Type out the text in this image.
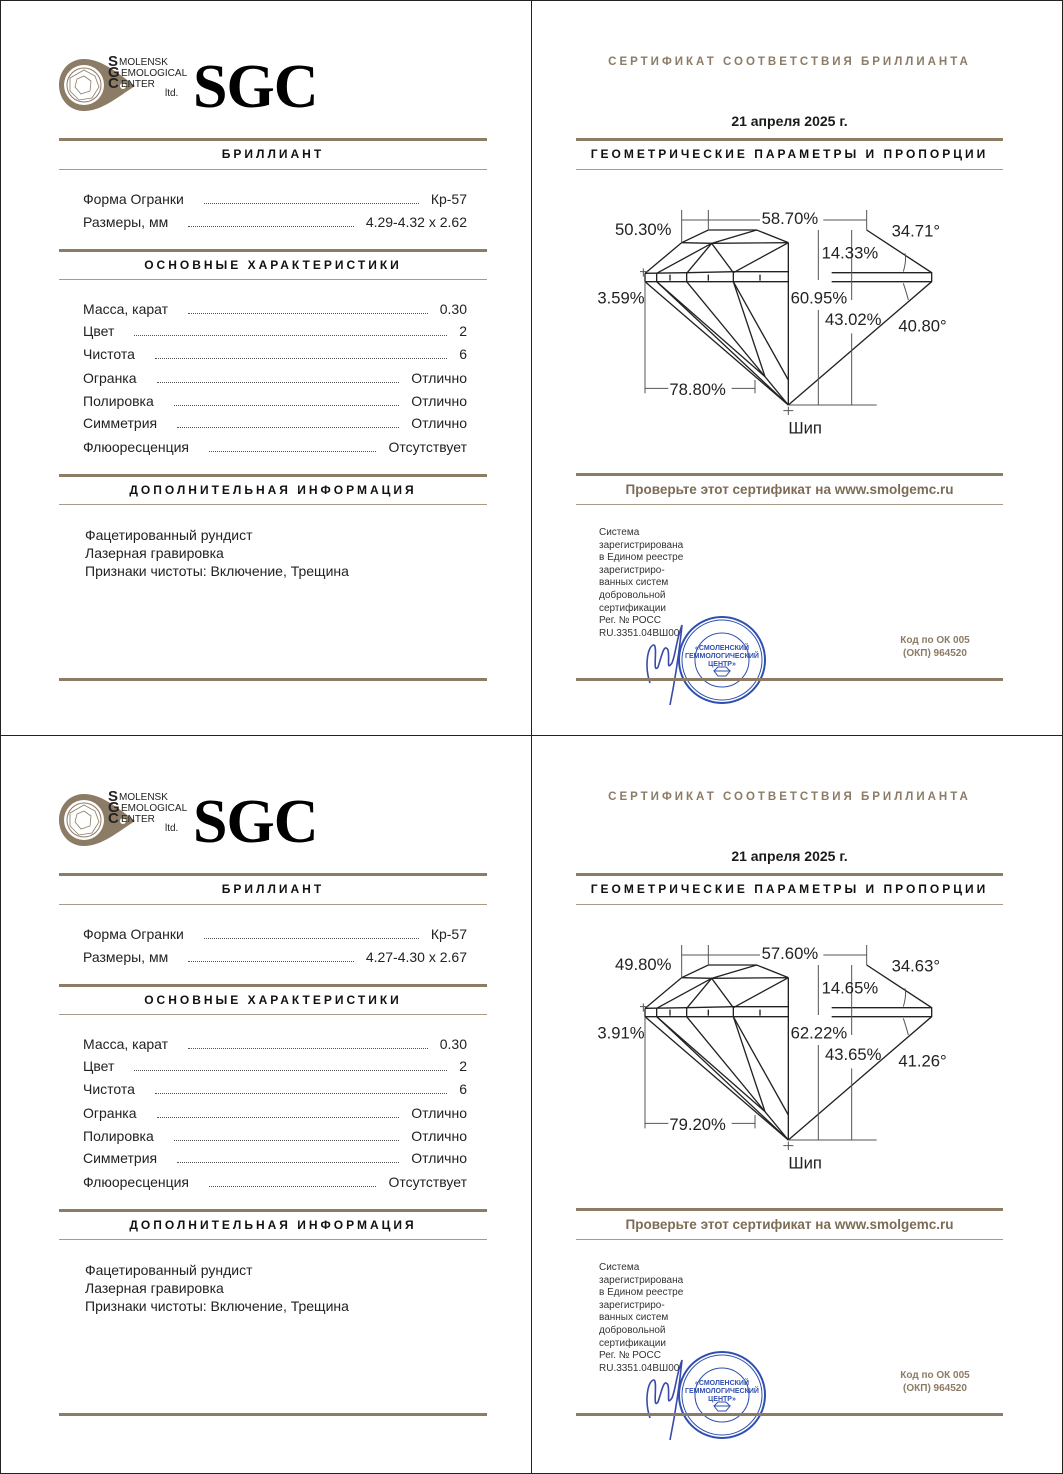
SGC
MOLENSK
EMOLOGICAL
ENTER
ltd. SGC
БРИЛЛИАНТ
Форма Огранки	Кр-57
Размеры, мм	4.29-4.32 x 2.62
ОСНОВНЫЕ ХАРАКТЕРИСТИКИ
Масса, карат	0.30
Цвет	2
Чистота	6
Огранка	Отлично
Полировка	Отлично
Симметрия	Отлично
Флюоресценция	Отсутствует
ДОПОЛНИТЕЛЬНАЯ ИНФОРМАЦИЯ
Фацетированный рундист
Лазерная гравировка
Признаки чистоты: Включение, Трещина
СЕРТИФИКАТ СООТВЕТСТВИЯ БРИЛЛИАНТА
21 апреля 2025 г.
ГЕОМЕТРИЧЕСКИЕ ПАРАМЕТРЫ И ПРОПОРЦИИ
50.30%
58.70%
34.71°
14.33%
3.59%	60.95%
43.02% 40.80°
78.80%
Шип
Проверьте этот сертификат на www.smolgemc.ru
Система
зарегистрирована
в Едином реестре
зарегистриро-
ванных систем
добровольной
сертификации
Рег. № РОСС
RU.3351.04ВШ00
«СМОЛЕНСКИЙ
ГЕММОЛОГИЧЕСКИЙ
ЦЕНТР»
Код по ОК 005
(ОКП) 964520
SGC
MOLENSK
EMOLOGICAL
ENTER
ltd. SGC
БРИЛЛИАНТ
Форма Огранки	Кр-57
Размеры, мм	4.27-4.30 x 2.67
ОСНОВНЫЕ ХАРАКТЕРИСТИКИ
Масса, карат	0.30
Цвет	2
Чистота	6
Огранка	Отлично
Полировка	Отлично
Симметрия	Отлично
Флюоресценция	Отсутствует
ДОПОЛНИТЕЛЬНАЯ ИНФОРМАЦИЯ
Фацетированный рундист
Лазерная гравировка
Признаки чистоты: Включение, Трещина
СЕРТИФИКАТ СООТВЕТСТВИЯ БРИЛЛИАНТА
21 апреля 2025 г.
ГЕОМЕТРИЧЕСКИЕ ПАРАМЕТРЫ И ПРОПОРЦИИ
49.80%
57.60%
34.63°
14.65%
3.91%	62.22%
43.65% 41.26°
79.20%
Шип
Проверьте этот сертификат на www.smolgemc.ru
Система
зарегистрирована
в Едином реестре
зарегистриро-
ванных систем
добровольной
сертификации
Рег. № РОСС
RU.3351.04ВШ00
«СМОЛЕНСКИЙ
ГЕММОЛОГИЧЕСКИЙ
ЦЕНТР»
Код по ОК 005
(ОКП) 964520
